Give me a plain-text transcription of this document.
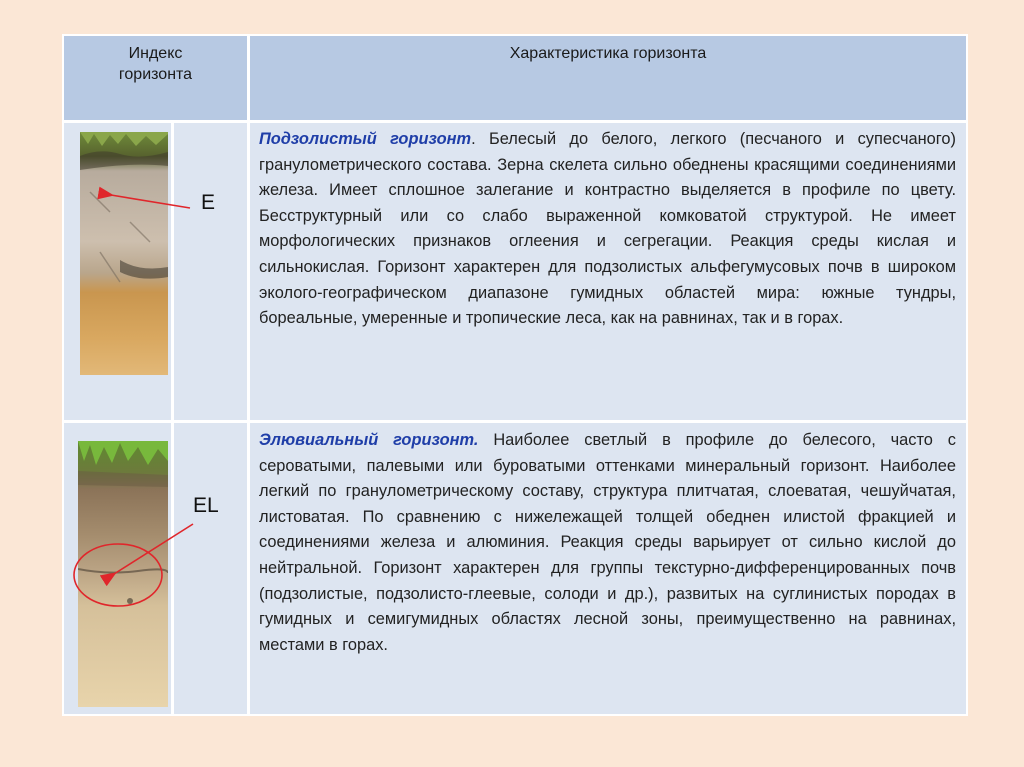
Индекс
горизонта
Характеристика горизонта
E
EL
Подзолистый горизонт. Белесый до белого, легкого (песчаного и супесчаного) гранулометрического состава. Зерна скелета сильно обеднены красящими соединениями железа. Имеет сплошное залегание и контрастно выделяется в профиле по цвету. Бесструктурный или со слабо выраженной комковатой структурой. Не имеет морфологических признаков оглеения и сегрегации. Реакция среды кислая и сильнокислая. Горизонт характерен для подзолистых альфегумусовых почв в широком эколого-географическом диапазоне гумидных областей мира: южные тундры, бореальные, умеренные и тропические леса, как на равнинах, так и в горах.
Элювиальный горизонт. Наиболее светлый в профиле до белесого, часто с сероватыми, палевыми или буроватыми оттенками минеральный горизонт. Наиболее легкий по гранулометрическому составу, структура плитчатая, слоеватая, чешуйчатая, листоватая. По сравнению с нижележащей толщей обеднен илистой фракцией и соединениями железа и алюминия. Реакция среды варьирует от сильно кислой до нейтральной. Горизонт характерен для группы текстурно-дифференцированных почв (подзолистые, подзолисто-глеевые, солоди и др.), развитых на суглинистых породах в гумидных и семигумидных областях лесной зоны, преимущественно на равнинах, местами в горах.
